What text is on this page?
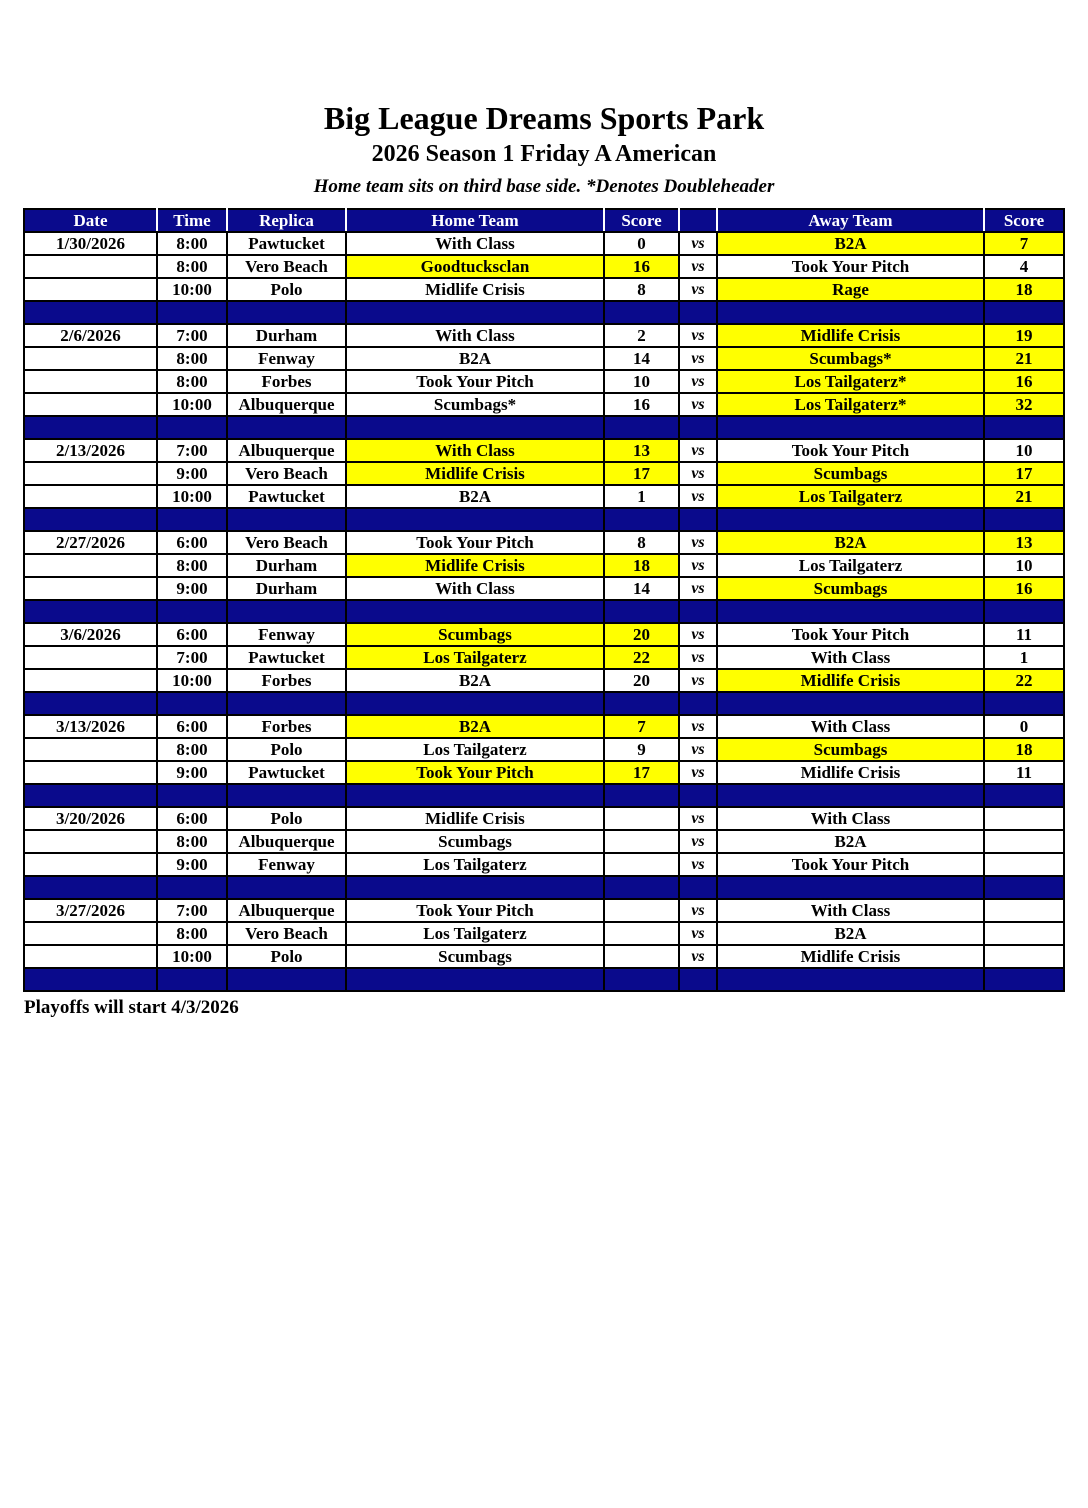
Big League Dreams Sports Park
2026 Season 1 Friday A American
Home team sits on third base side. *Denotes Doubleheader
Date	Time	Replica	Home Team	Score		Away Team	Score
1/30/2026	8:00	Pawtucket	With Class	0	vs	B2A	7
	8:00	Vero Beach	Goodtucksclan	16	vs	Took Your Pitch	4
	10:00	Polo	Midlife Crisis	8	vs	Rage	18

2/6/2026	7:00	Durham	With Class	2	vs	Midlife Crisis	19
	8:00	Fenway	B2A	14	vs	Scumbags*	21
	8:00	Forbes	Took Your Pitch	10	vs	Los Tailgaterz*	16
	10:00	Albuquerque	Scumbags*	16	vs	Los Tailgaterz*	32

2/13/2026	7:00	Albuquerque	With Class	13	vs	Took Your Pitch	10
	9:00	Vero Beach	Midlife Crisis	17	vs	Scumbags	17
	10:00	Pawtucket	B2A	1	vs	Los Tailgaterz	21

2/27/2026	6:00	Vero Beach	Took Your Pitch	8	vs	B2A	13
	8:00	Durham	Midlife Crisis	18	vs	Los Tailgaterz	10
	9:00	Durham	With Class	14	vs	Scumbags	16

3/6/2026	6:00	Fenway	Scumbags	20	vs	Took Your Pitch	11
	7:00	Pawtucket	Los Tailgaterz	22	vs	With Class	1
	10:00	Forbes	B2A	20	vs	Midlife Crisis	22

3/13/2026	6:00	Forbes	B2A	7	vs	With Class	0
	8:00	Polo	Los Tailgaterz	9	vs	Scumbags	18
	9:00	Pawtucket	Took Your Pitch	17	vs	Midlife Crisis	11

3/20/2026	6:00	Polo	Midlife Crisis		vs	With Class	
	8:00	Albuquerque	Scumbags		vs	B2A	
	9:00	Fenway	Los Tailgaterz		vs	Took Your Pitch	

3/27/2026	7:00	Albuquerque	Took Your Pitch		vs	With Class	
	8:00	Vero Beach	Los Tailgaterz		vs	B2A	
	10:00	Polo	Scumbags		vs	Midlife Crisis	

Playoffs will start 4/3/2026
